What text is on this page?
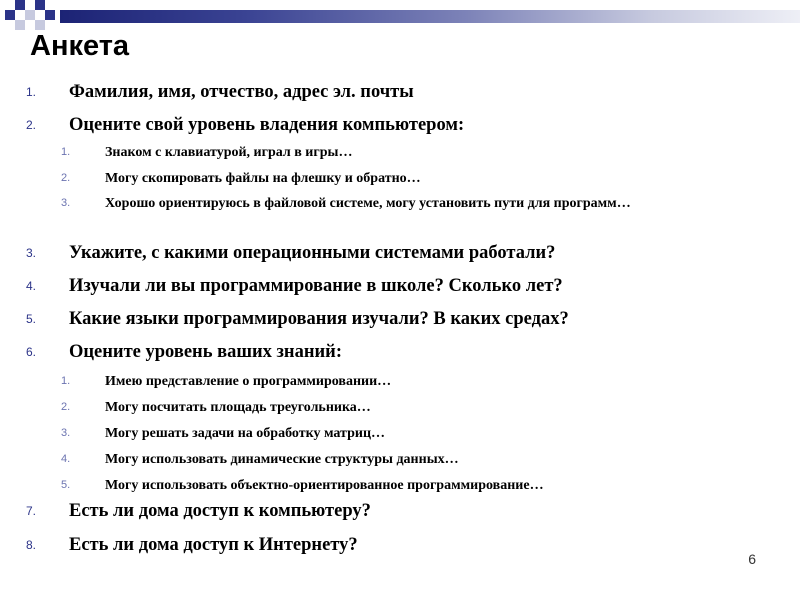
Анкета
1. Фамилия, имя, отчество, адрес эл. почты
2. Оцените свой уровень владения компьютером:
1. Знаком с клавиатурой, играл в игры…
2. Могу скопировать файлы на флешку и обратно…
3. Хорошо ориентируюсь в файловой системе, могу установить пути для программ…
3. Укажите, с какими операционными системами работали?
4. Изучали ли вы программирование в школе? Сколько лет?
5. Какие языки программирования изучали? В каких средах?
6. Оцените уровень ваших знаний:
1. Имею представление о программировании…
2. Могу посчитать площадь треугольника…
3. Могу решать задачи на обработку матриц…
4. Могу использовать динамические структуры данных…
5. Могу использовать объектно-ориентированное программирование…
7. Есть ли дома доступ к компьютеру?
8. Есть ли дома доступ к Интернету?
6
